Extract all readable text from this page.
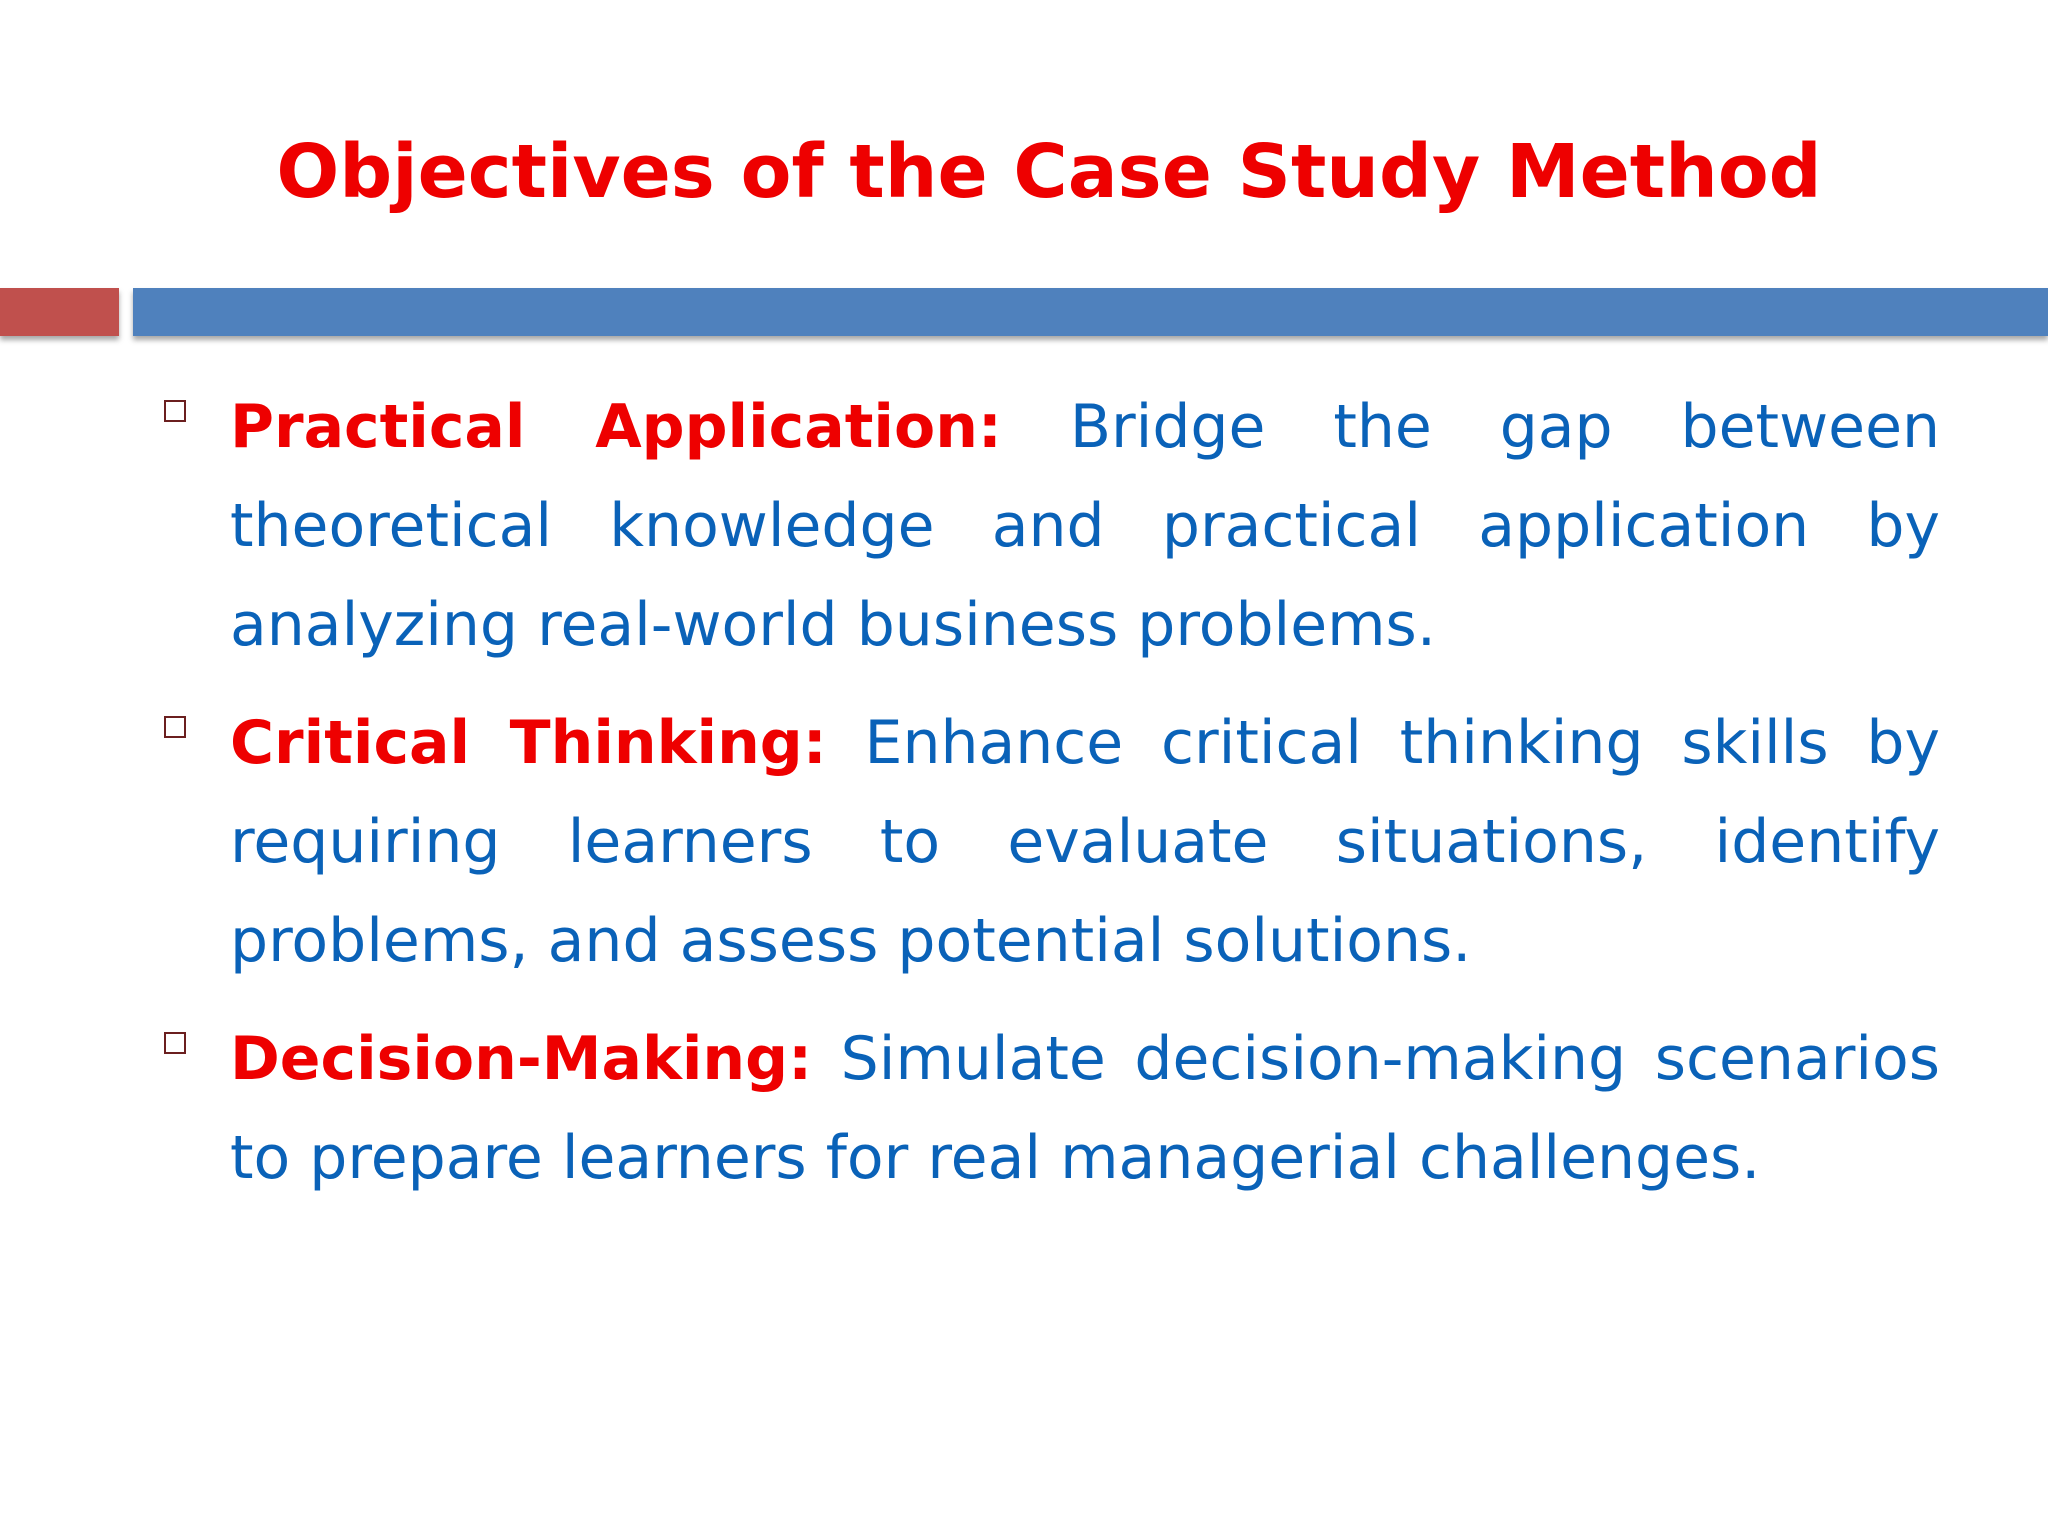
Objectives of the Case Study Method
Practical Application: Bridge the gap between theoretical knowledge and practical application by analyzing real-world business problems.
Critical Thinking: Enhance critical thinking skills by requiring learners to evaluate situations, identify problems, and assess potential solutions.
Decision-Making: Simulate decision-making scenarios to prepare learners for real managerial challenges.
